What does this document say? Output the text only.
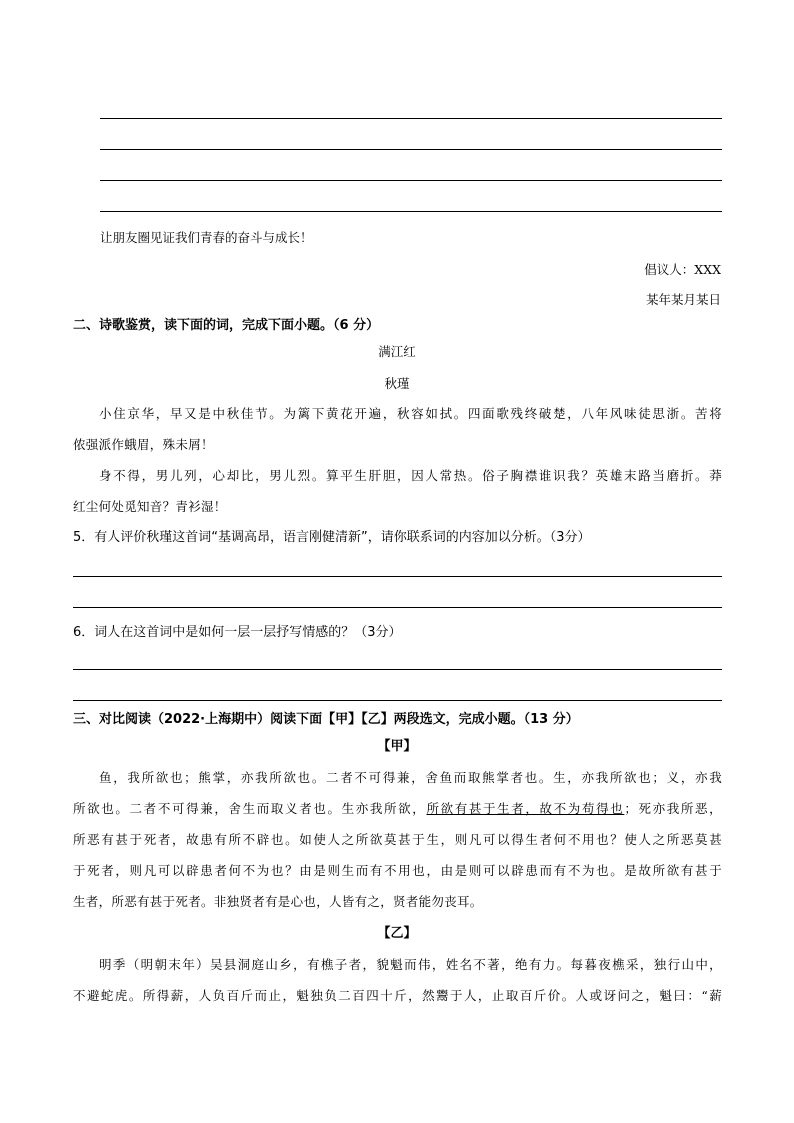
让朋友圈见证我们青春的奋斗与成长！
倡议人：XXX
某年某月某日
二、诗歌鉴赏，读下面的词，完成下面小题。（6 分）
满江红
秋瑾
小住京华，早又是中秋佳节。为篱下黄花开遍，秋容如拭。四面歌残终破楚，八年风味徒思浙。苦将
侬强派作蛾眉，殊未屑！
身不得，男儿列，心却比，男儿烈。算平生肝胆，因人常热。俗子胸襟谁识我？英雄末路当磨折。莽
红尘何处觅知音？青衫湿！
5．有人评价秋瑾这首词“基调高昂，语言刚健清新”，请你联系词的内容加以分析。（3分）
6．词人在这首词中是如何一层一层抒写情感的？（3分）
三、对比阅读（2022·上海期中）阅读下面【甲】【乙】两段选文，完成小题。（13 分）
【甲】
鱼，我所欲也；熊掌，亦我所欲也。二者不可得兼，舍鱼而取熊掌者也。生，亦我所欲也；义，亦我
所欲也。二者不可得兼，舍生而取义者也。生亦我所欲，所欲有甚于生者，故不为苟得也；死亦我所恶，
所恶有甚于死者，故患有所不辟也。如使人之所欲莫甚于生，则凡可以得生者何不用也？使人之所恶莫甚
于死者，则凡可以辟患者何不为也？由是则生而有不用也，由是则可以辟患而有不为也。是故所欲有甚于
生者，所恶有甚于死者。非独贤者有是心也，人皆有之，贤者能勿丧耳。
【乙】
明季（明朝末年）吴县洞庭山乡，有樵子者，貌魁而伟，姓名不著，绝有力。每暮夜樵采，独行山中，
不避蛇虎。所得薪，人负百斤而止，魁独负二百四十斤，然鬻于人，止取百斤价。人或讶问之，魁曰：“薪
